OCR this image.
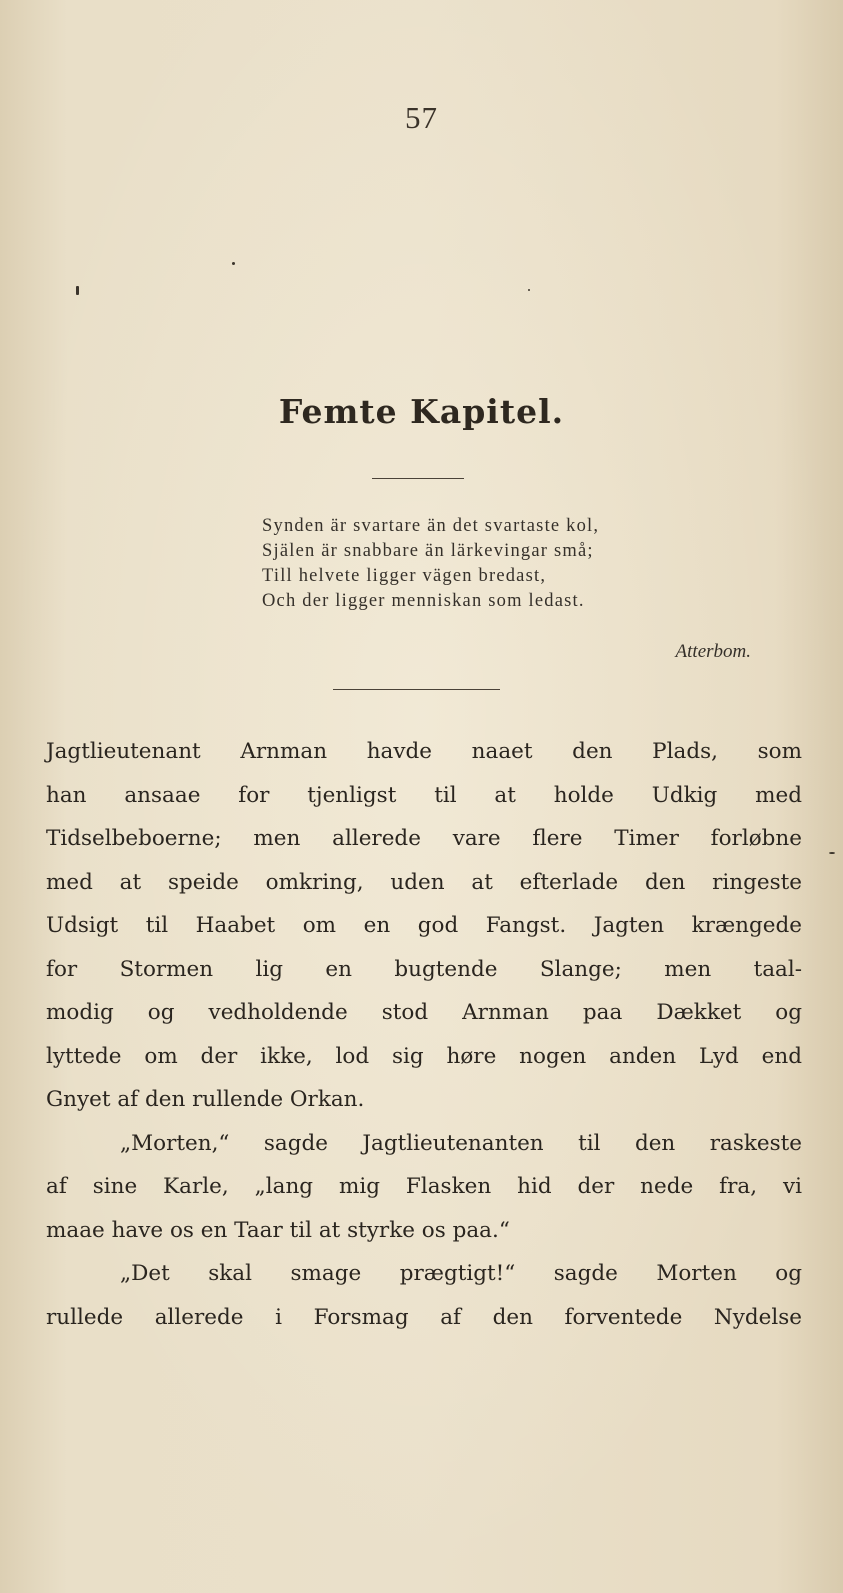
57
Femte Kapitel.
Synden är svartare än det svartaste kol,
Själen är snabbare än lärkevingar små;
Till helvete ligger vägen bredast,
Och der ligger menniskan som ledast.
Atterbom.
Jagtlieutenant Arnman havde naaet den Plads, som
han ansaae for tjenligst til at holde Udkig med
Tidselbeboerne; men allerede vare flere Timer forløbne
med at speide omkring, uden at efterlade den ringeste
Udsigt til Haabet om en god Fangst. Jagten krængede
for Stormen lig en bugtende Slange; men taal-
modig og vedholdende stod Arnman paa Dækket og
lyttede om der ikke, lod sig høre nogen anden Lyd end
Gnyet af den rullende Orkan.
„Morten,“ sagde Jagtlieutenanten til den raskeste
af sine Karle, „lang mig Flasken hid der nede fra, vi
maae have os en Taar til at styrke os paa.“
„Det skal smage prægtigt!“ sagde Morten og
rullede allerede i Forsmag af den forventede Nydelse
